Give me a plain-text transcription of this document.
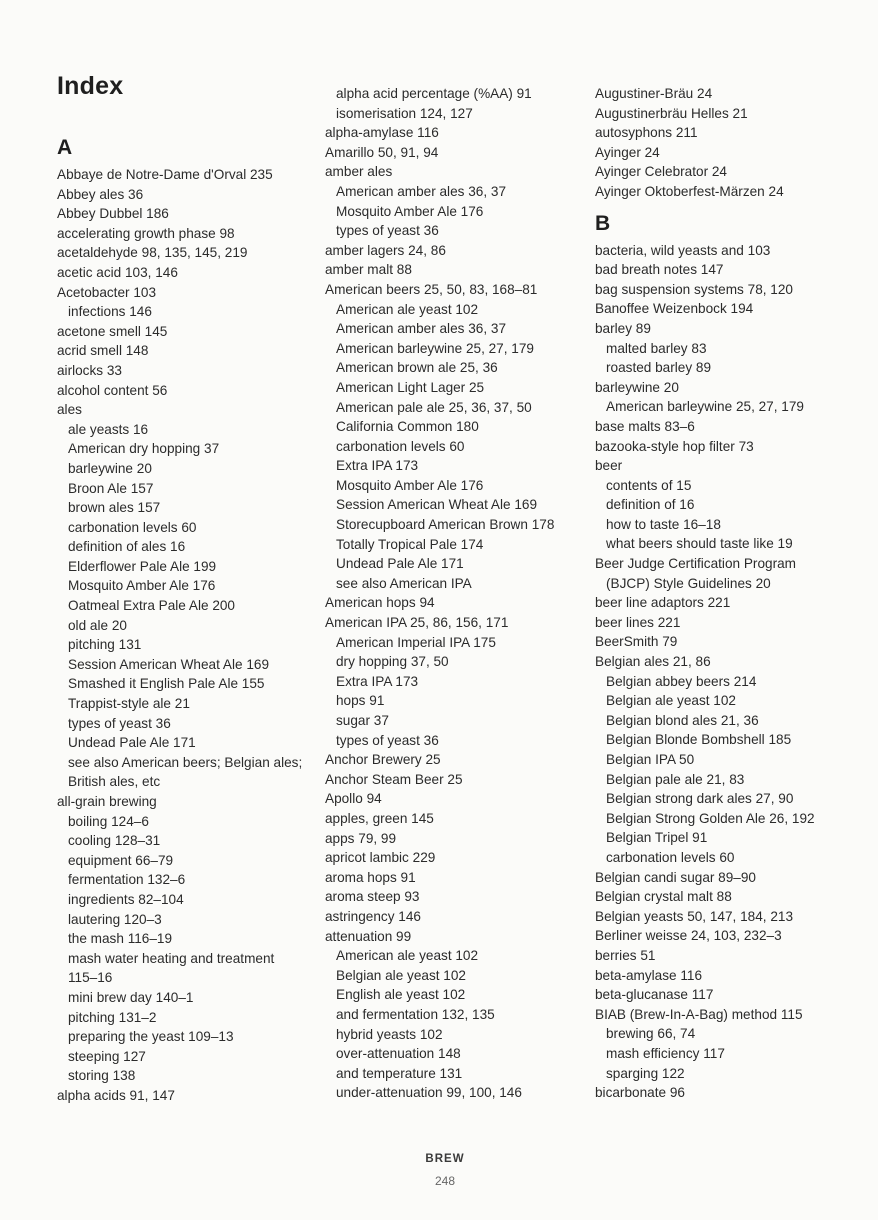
Index
A
Abbaye de Notre-Dame d'Orval 235
Abbey ales 36
Abbey Dubbel 186
accelerating growth phase 98
acetaldehyde 98, 135, 145, 219
acetic acid 103, 146
Acetobacter 103
infections 146
acetone smell 145
acrid smell 148
airlocks 33
alcohol content 56
ales
ale yeasts 16
American dry hopping 37
barleywine 20
Broon Ale 157
brown ales 157
carbonation levels 60
definition of ales 16
Elderflower Pale Ale 199
Mosquito Amber Ale 176
Oatmeal Extra Pale Ale 200
old ale 20
pitching 131
Session American Wheat Ale 169
Smashed it English Pale Ale 155
Trappist-style ale 21
types of yeast 36
Undead Pale Ale 171
see also American beers; Belgian ales;
British ales, etc
all-grain brewing
boiling 124–6
cooling 128–31
equipment 66–79
fermentation 132–6
ingredients 82–104
lautering 120–3
the mash 116–19
mash water heating and treatment
115–16
mini brew day 140–1
pitching 131–2
preparing the yeast 109–13
steeping 127
storing 138
alpha acids 91, 147
alpha acid percentage (%AA) 91
isomerisation 124, 127
alpha-amylase 116
Amarillo 50, 91, 94
amber ales
American amber ales 36, 37
Mosquito Amber Ale 176
types of yeast 36
amber lagers 24, 86
amber malt 88
American beers 25, 50, 83, 168–81
American ale yeast 102
American amber ales 36, 37
American barleywine 25, 27, 179
American brown ale 25, 36
American Light Lager 25
American pale ale 25, 36, 37, 50
California Common 180
carbonation levels 60
Extra IPA 173
Mosquito Amber Ale 176
Session American Wheat Ale 169
Storecupboard American Brown 178
Totally Tropical Pale 174
Undead Pale Ale 171
see also American IPA
American hops 94
American IPA 25, 86, 156, 171
American Imperial IPA 175
dry hopping 37, 50
Extra IPA 173
hops 91
sugar 37
types of yeast 36
Anchor Brewery 25
Anchor Steam Beer 25
Apollo 94
apples, green 145
apps 79, 99
apricot lambic 229
aroma hops 91
aroma steep 93
astringency 146
attenuation 99
American ale yeast 102
Belgian ale yeast 102
English ale yeast 102
and fermentation 132, 135
hybrid yeasts 102
over-attenuation 148
and temperature 131
under-attenuation 99, 100, 146
Augustiner-Bräu 24
Augustinerbräu Helles 21
autosyphons 211
Ayinger 24
Ayinger Celebrator 24
Ayinger Oktoberfest-Märzen 24
B
bacteria, wild yeasts and 103
bad breath notes 147
bag suspension systems 78, 120
Banoffee Weizenbock 194
barley 89
malted barley 83
roasted barley 89
barleywine 20
American barleywine 25, 27, 179
base malts 83–6
bazooka-style hop filter 73
beer
contents of 15
definition of 16
how to taste 16–18
what beers should taste like 19
Beer Judge Certification Program
(BJCP) Style Guidelines 20
beer line adaptors 221
beer lines 221
BeerSmith 79
Belgian ales 21, 86
Belgian abbey beers 214
Belgian ale yeast 102
Belgian blond ales 21, 36
Belgian Blonde Bombshell 185
Belgian IPA 50
Belgian pale ale 21, 83
Belgian strong dark ales 27, 90
Belgian Strong Golden Ale 26, 192
Belgian Tripel 91
carbonation levels 60
Belgian candi sugar 89–90
Belgian crystal malt 88
Belgian yeasts 50, 147, 184, 213
Berliner weisse 24, 103, 232–3
berries 51
beta-amylase 116
beta-glucanase 117
BIAB (Brew-In-A-Bag) method 115
brewing 66, 74
mash efficiency 117
sparging 122
bicarbonate 96
BREW
248
